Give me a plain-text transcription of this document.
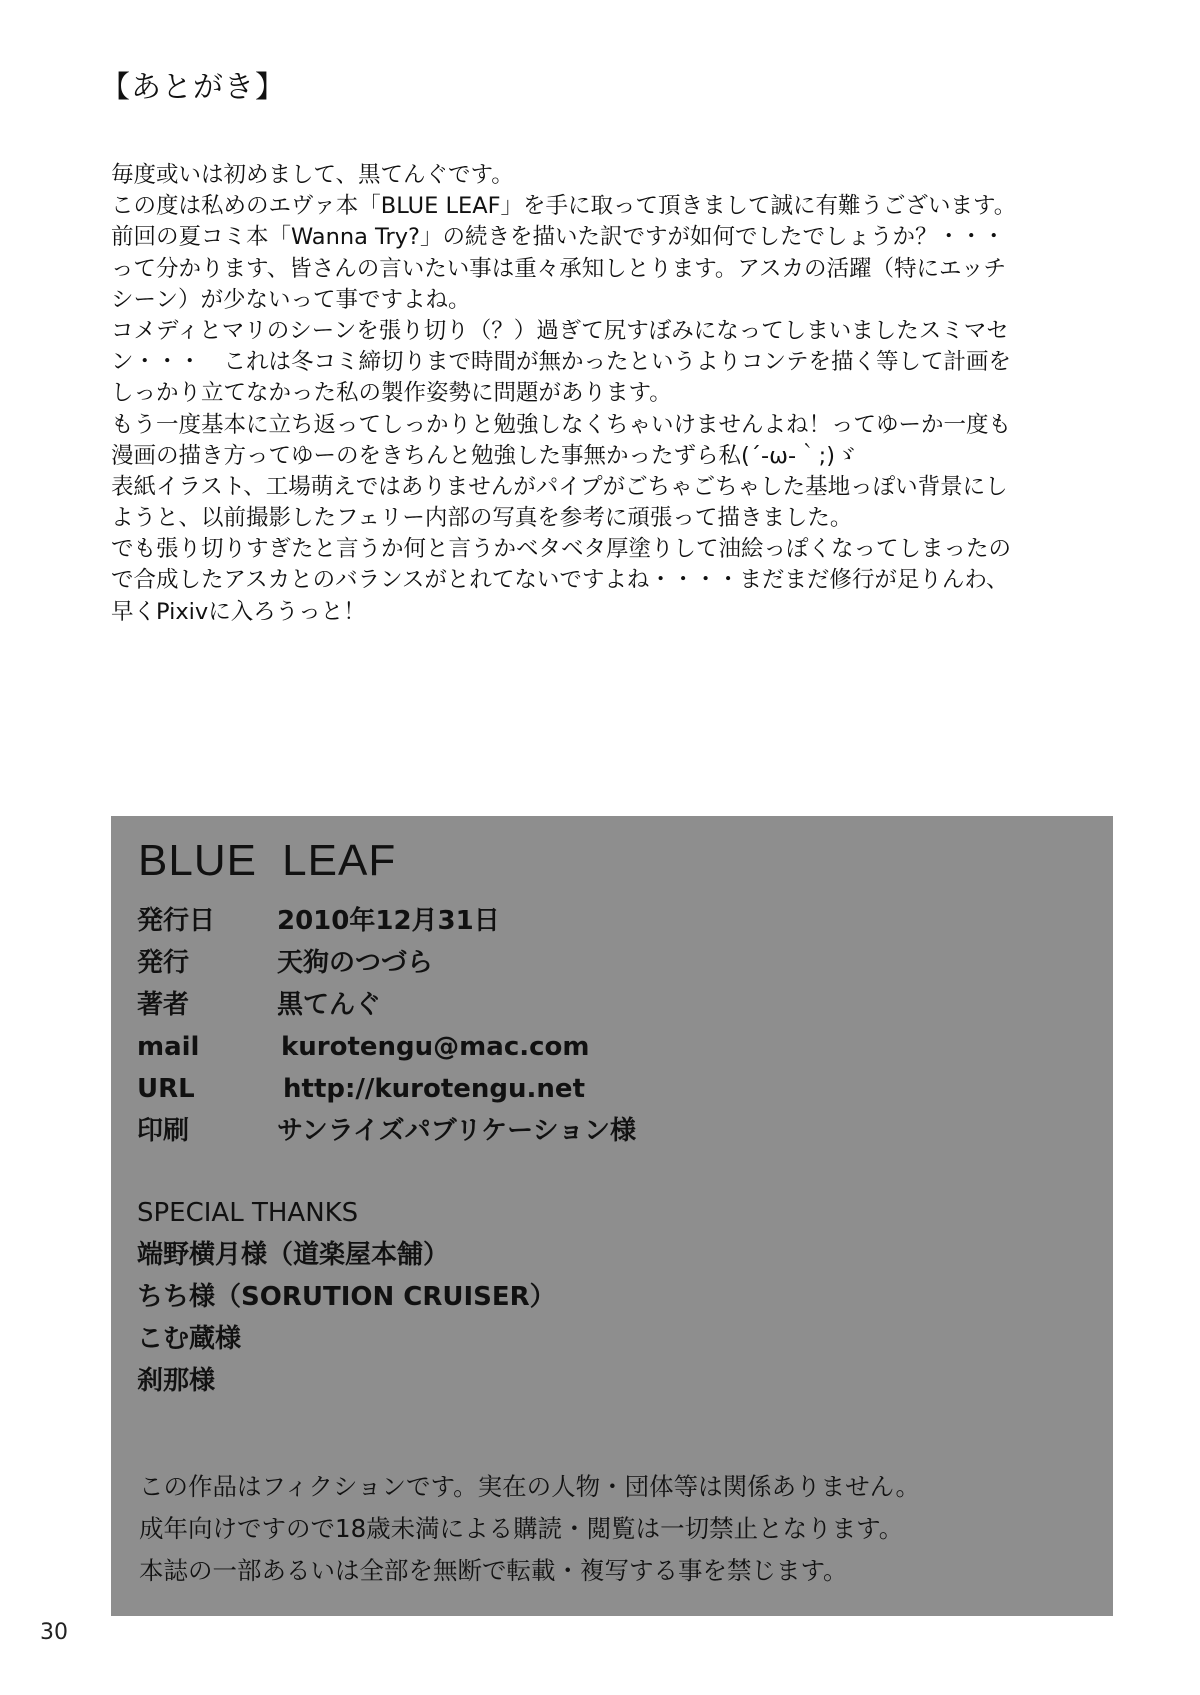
【あとがき】
毎度或いは初めまして、黒てんぐです。
この度は私めのエヴァ本「BLUE LEAF」を手に取って頂きまして誠に有難うございます。
前回の夏コミ本「Wanna Try?」の続きを描いた訳ですが如何でしたでしょうか？・・・
って分かります、皆さんの言いたい事は重々承知しとります。アスカの活躍（特にエッチ
シーン）が少ないって事ですよね。
コメディとマリのシーンを張り切り（？）過ぎて尻すぼみになってしまいましたスミマセ
ン・・・　これは冬コミ締切りまで時間が無かったというよりコンテを描く等して計画を
しっかり立てなかった私の製作姿勢に問題があります。
もう一度基本に立ち返ってしっかりと勉強しなくちゃいけませんよね！ってゆーか一度も
漫画の描き方ってゆーのをきちんと勉強した事無かったずら私(´-ω-｀;)ゞ
表紙イラスト、工場萌えではありませんがパイプがごちゃごちゃした基地っぽい背景にし
ようと、以前撮影したフェリー内部の写真を参考に頑張って描きました。
でも張り切りすぎたと言うか何と言うかベタベタ厚塗りして油絵っぽくなってしまったの
で合成したアスカとのバランスがとれてないですよね・・・・まだまだ修行が足りんわ、
早くPixivに入ろうっと！
BLUE LEAF
発行日 2010年12月31日
発行	天狗のつづら
著者	黒てんぐ
mail	kurotengu@mac.com
URL	http://kurotengu.net
印刷	サンライズパブリケーション様
SPECIAL THANKS
端野横月様（道楽屋本舗）
ちち様（SORUTION CRUISER）
こむ蔵様
刹那様
この作品はフィクションです。実在の人物・団体等は関係ありません。
成年向けですので18歳未満による購読・閲覧は一切禁止となります。
本誌の一部あるいは全部を無断で転載・複写する事を禁じます。
30
